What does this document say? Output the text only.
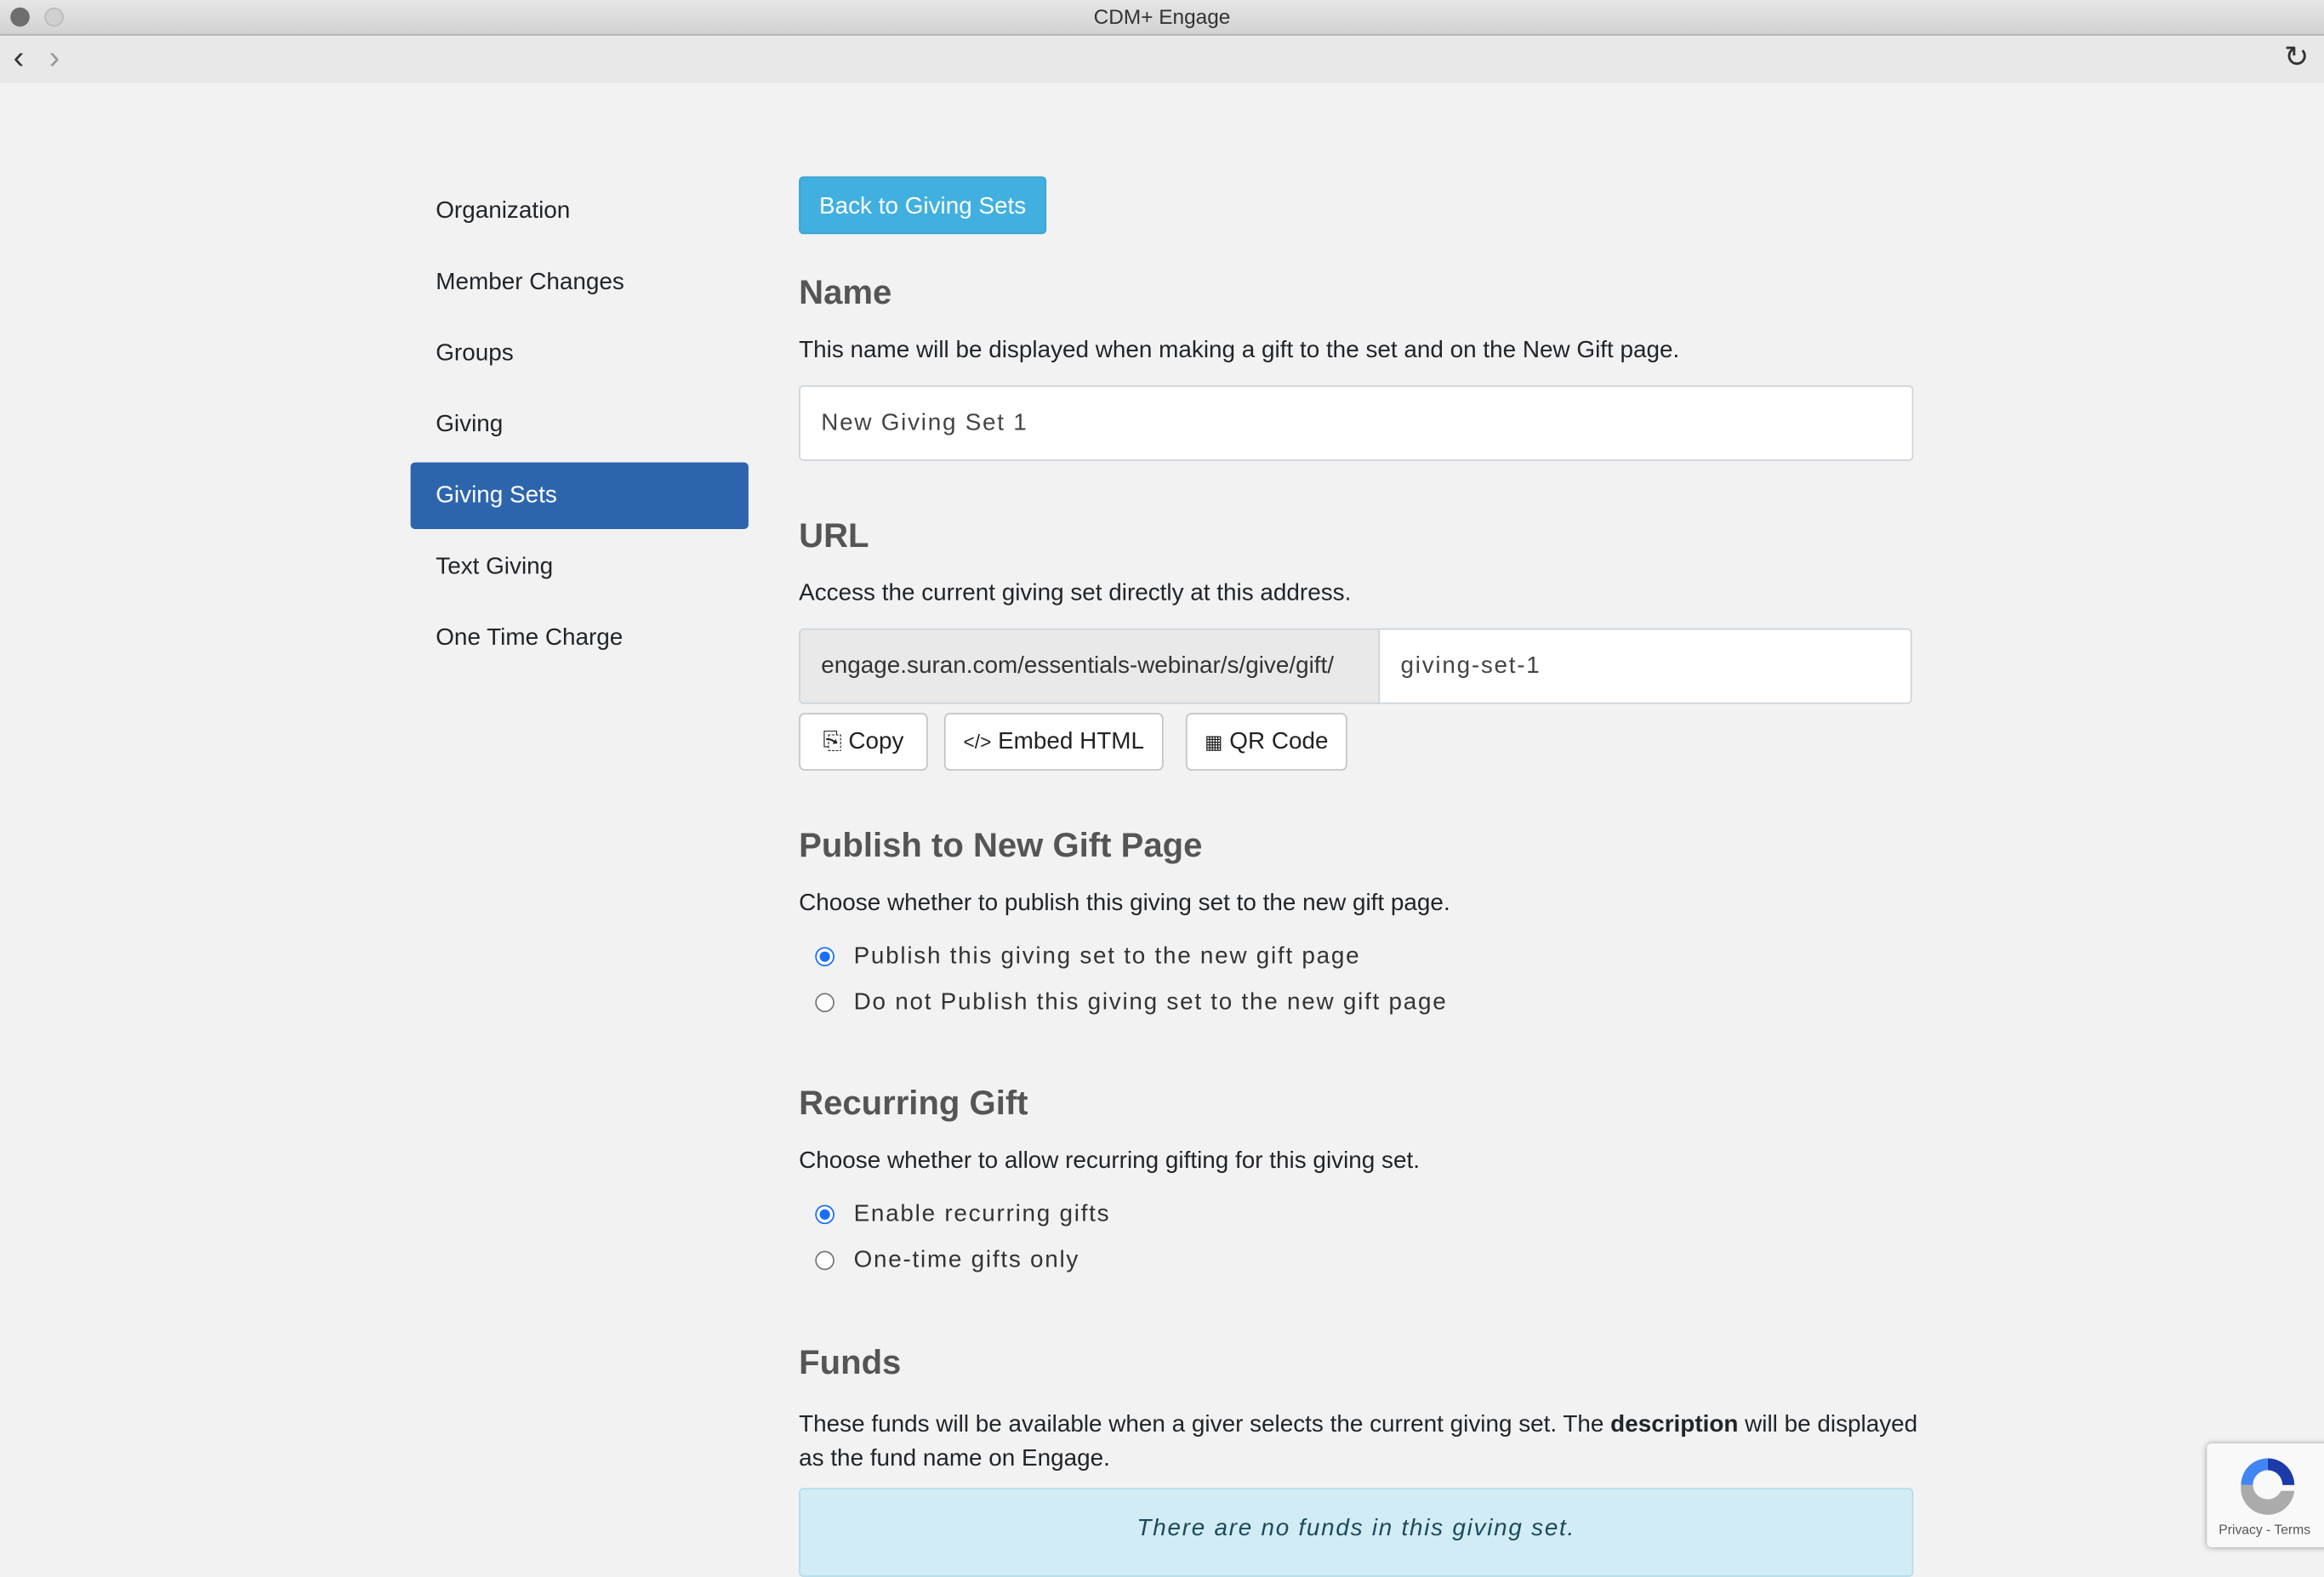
CDM+ Engage
‹ ›	↻
Organization
Member Changes
Groups
Giving
Giving Sets
Text Giving
One Time Charge
Back to Giving Sets
Name

This name will be displayed when making a gift to the set and on the New Gift page.

New Giving Set 1
URL

Access the current giving set directly at this address.

engage.suran.com/essentials-webinar/s/give/gift/
giving-set-1
⎘ Copy	</> Embed HTML	▦ QR Code
Publish to New Gift Page

Choose whether to publish this giving set to the new gift page.

Publish this giving set to the new gift page
Do not Publish this giving set to the new gift page
Recurring Gift

Choose whether to allow recurring gifting for this giving set.

Enable recurring gifts
One-time gifts only
Funds

These funds will be available when a giver selects the current giving set. The description will be displayed as the fund name on Engage.

There are no funds in this giving set.	Privacy - Terms
